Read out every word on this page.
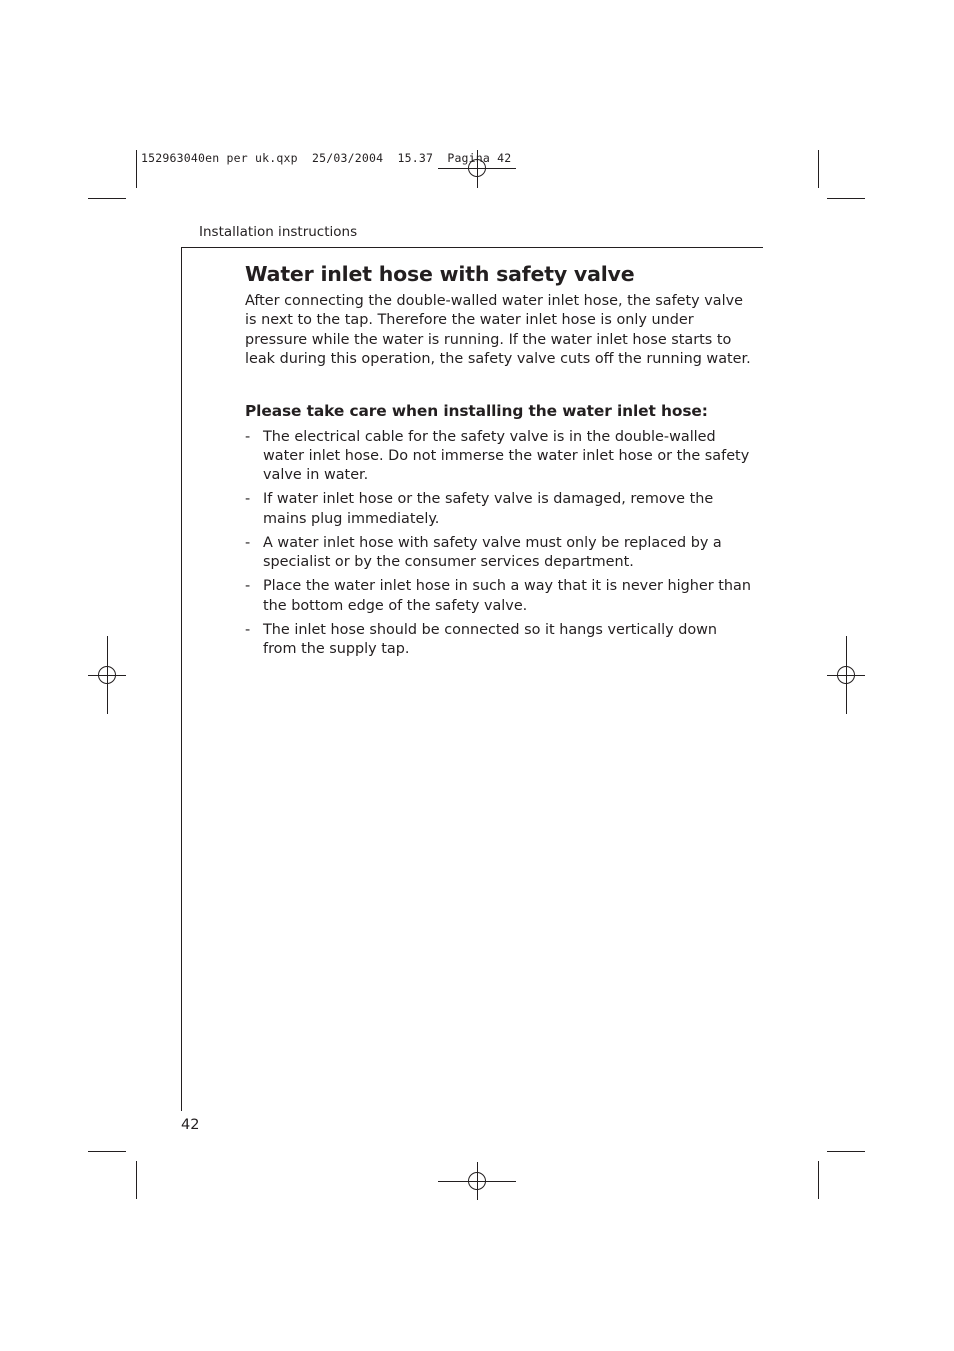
152963040en per uk.qxp  25/03/2004  15.37  Pagina 42
Installation instructions
Water inlet hose with safety valve

After connecting the double-walled water inlet hose, the safety valve is next to the tap. Therefore the water inlet hose is only under pressure while the water is running. If the water inlet hose starts to leak during this operation, the safety valve cuts off the running water.

Please take care when installing the water inlet hose:
- The electrical cable for the safety valve is in the double-walled water inlet hose. Do not immerse the water inlet hose or the safety valve in water.
- If water inlet hose or the safety valve is damaged, remove the mains plug immediately.
- A water inlet hose with safety valve must only be replaced by a specialist or by the consumer services department.
- Place the water inlet hose in such a way that it is never higher than the bottom edge of the safety valve.
- The inlet hose should be connected so it hangs vertically down from the supply tap.
42
